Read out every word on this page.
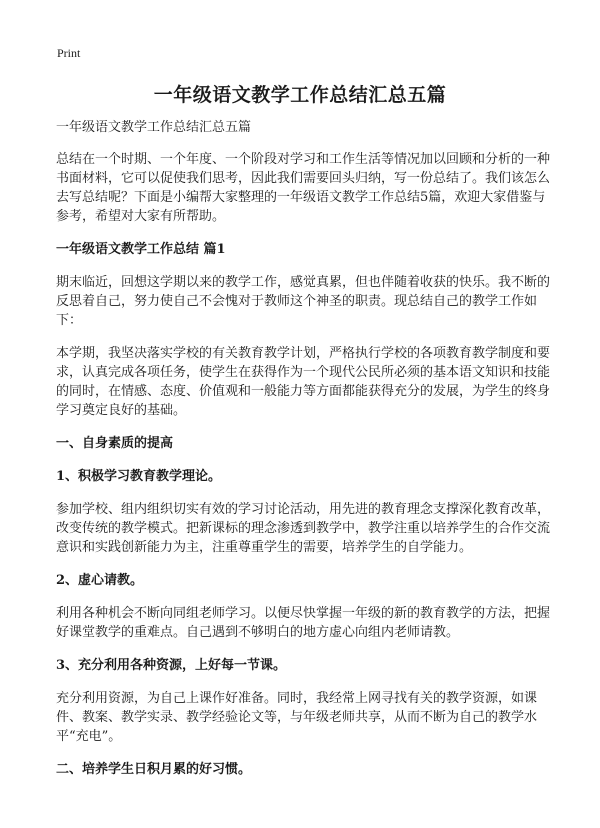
Print
一年级语文教学工作总结汇总五篇

一年级语文教学工作总结汇总五篇

总结在一个时期、一个年度、一个阶段对学习和工作生活等情况加以回顾和分析的一种书面材料，它可以促使我们思考，因此我们需要回头归纳，写一份总结了。我们该怎么去写总结呢？下面是小编帮大家整理的一年级语文教学工作总结5篇，欢迎大家借鉴与参考，希望对大家有所帮助。

一年级语文教学工作总结 篇1

期末临近，回想这学期以来的教学工作，感觉真累，但也伴随着收获的快乐。我不断的反思着自己，努力使自己不会愧对于教师这个神圣的职责。现总结自己的教学工作如下：

本学期，我坚决落实学校的有关教育教学计划，严格执行学校的各项教育教学制度和要求，认真完成各项任务，使学生在获得作为一个现代公民所必须的基本语文知识和技能的同时，在情感、态度、价值观和一般能力等方面都能获得充分的发展，为学生的终身学习奠定良好的基础。

一、自身素质的提高
1、积极学习教育教学理论。

参加学校、组内组织切实有效的学习讨论活动，用先进的教育理念支撑深化教育改革，改变传统的教学模式。把新课标的理念渗透到教学中，教学注重以培养学生的合作交流意识和实践创新能力为主，注重尊重学生的需要，培养学生的自学能力。

2、虚心请教。

利用各种机会不断向同组老师学习。以便尽快掌握一年级的新的教育教学的方法，把握好课堂教学的重难点。自己遇到不够明白的地方虚心向组内老师请教。

3、充分利用各种资源，上好每一节课。

充分利用资源，为自己上课作好准备。同时，我经常上网寻找有关的教学资源，如课件、教案、教学实录、教学经验论文等，与年级老师共享，从而不断为自己的教学水平“充电”。

二、培养学生日积月累的好习惯。
